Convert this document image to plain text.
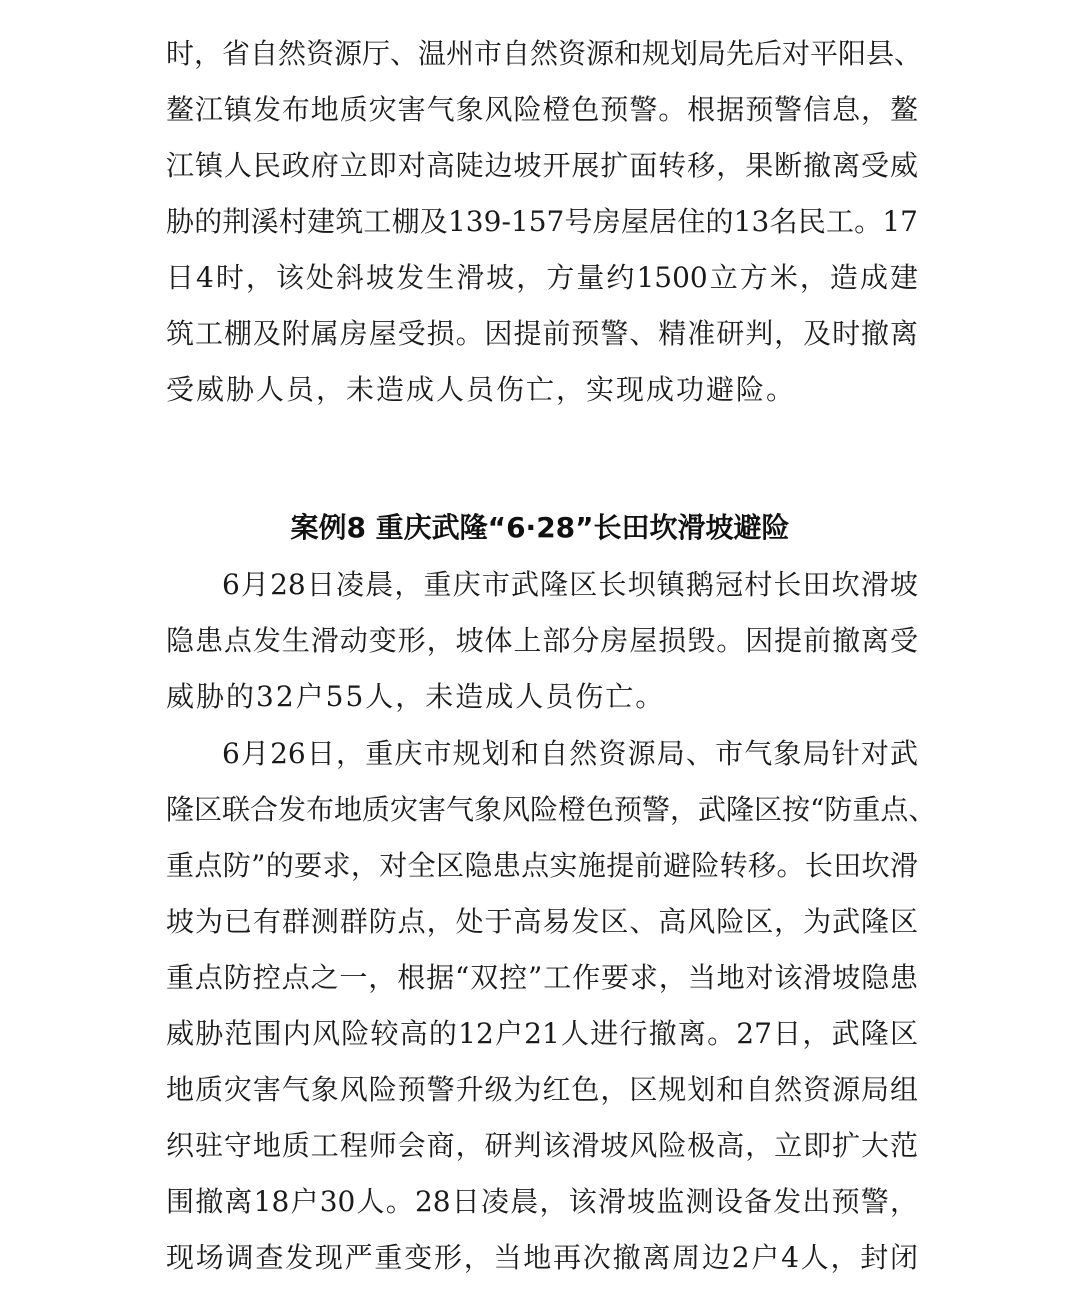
时，省自然资源厅、温州市自然资源和规划局先后对平阳县、
鳌江镇发布地质灾害气象风险橙色预警。根据预警信息，鳌
江镇人民政府立即对高陡边坡开展扩面转移，果断撤离受威
胁的荆溪村建筑工棚及139-157号房屋居住的13名民工。17
日4时，该处斜坡发生滑坡，方量约1500立方米，造成建
筑工棚及附属房屋受损。因提前预警、精准研判，及时撤离
受威胁人员，未造成人员伤亡，实现成功避险。
案例8 重庆武隆“6·28”长田坎滑坡避险
6月28日凌晨，重庆市武隆区长坝镇鹅冠村长田坎滑坡
隐患点发生滑动变形，坡体上部分房屋损毁。因提前撤离受
威胁的32户55人，未造成人员伤亡。
6月26日，重庆市规划和自然资源局、市气象局针对武
隆区联合发布地质灾害气象风险橙色预警，武隆区按“防重点、
重点防”的要求，对全区隐患点实施提前避险转移。长田坎滑
坡为已有群测群防点，处于高易发区、高风险区，为武隆区
重点防控点之一，根据“双控”工作要求，当地对该滑坡隐患
威胁范围内风险较高的12户21人进行撤离。27日，武隆区
地质灾害气象风险预警升级为红色，区规划和自然资源局组
织驻守地质工程师会商，研判该滑坡风险极高，立即扩大范
围撤离18户30人。28日凌晨，该滑坡监测设备发出预警，
现场调查发现严重变形，当地再次撤离周边2户4人，封闭
